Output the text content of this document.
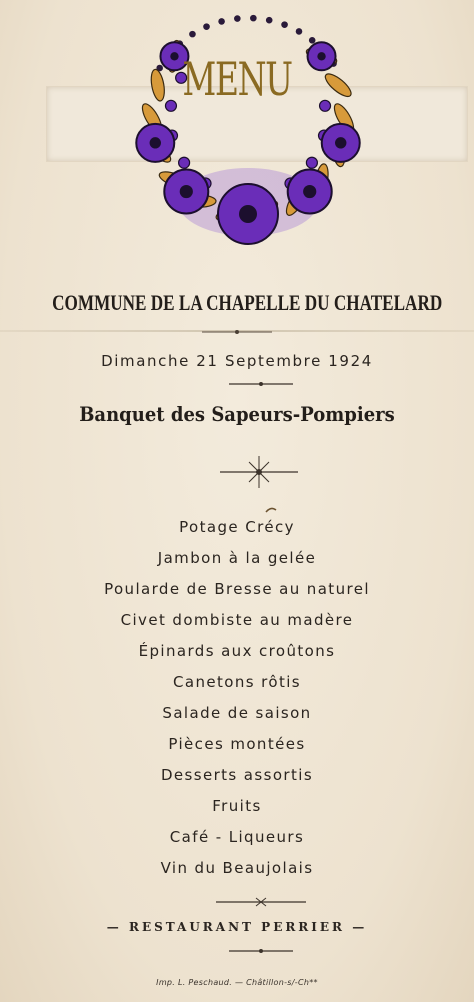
MENU
COMMUNE DE LA CHAPELLE DU CHATELARD
Dimanche 21 Septembre 1924
Banquet des Sapeurs-Pompiers
Potage Crécy
Jambon à la gelée
Poularde de Bresse au naturel
Civet dombiste au madère
Épinards aux croûtons
Canetons rôtis
Salade de saison
Pièces montées
Desserts assortis
Fruits
Café - Liqueurs
Vin du Beaujolais
— RESTAURANT PERRIER —
Imp. L. Peschaud. — Châtillon-s/-Ch**
